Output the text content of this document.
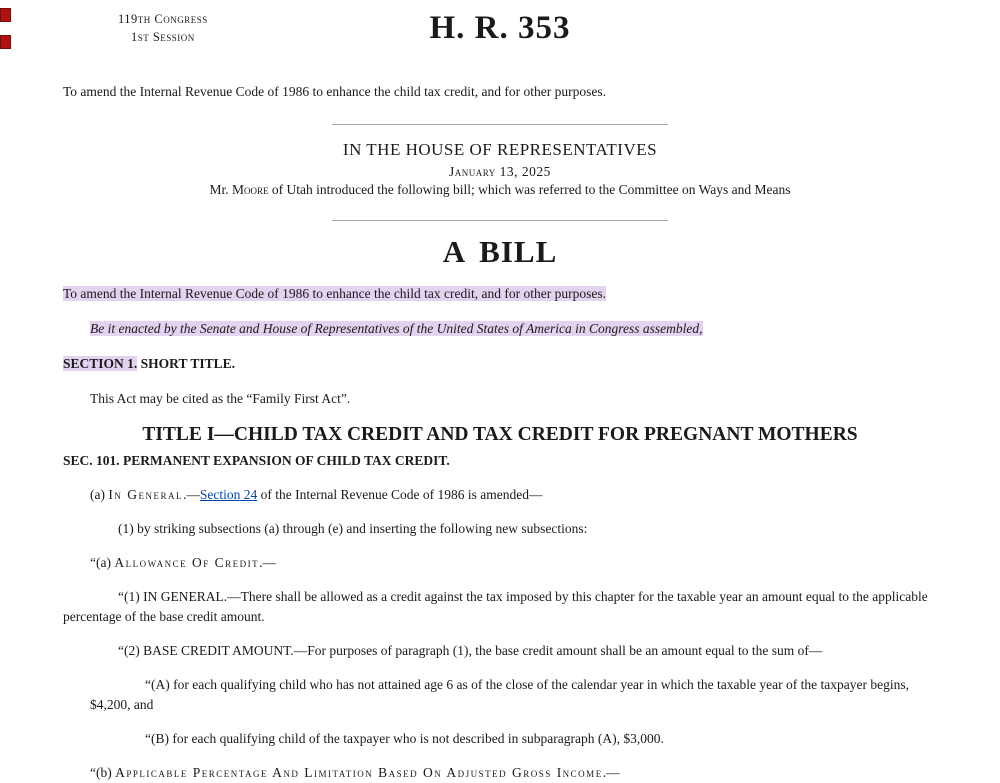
119th Congress
1st Session	H. R. 353

To amend the Internal Revenue Code of 1986 to enhance the child tax credit, and for other purposes.

IN THE HOUSE OF REPRESENTATIVES
January 13, 2025
Mr. Moore of Utah introduced the following bill; which was referred to the Committee on Ways and Means
A BILL

To amend the Internal Revenue Code of 1986 to enhance the child tax credit, and for other purposes.

Be it enacted by the Senate and House of Representatives of the United States of America in Congress assembled,

SECTION 1. SHORT TITLE.

This Act may be cited as the “Family First Act”.

TITLE I—CHILD TAX CREDIT AND TAX CREDIT FOR PREGNANT MOTHERS

SEC. 101. PERMANENT EXPANSION OF CHILD TAX CREDIT.

(a) In General.—Section 24 of the Internal Revenue Code of 1986 is amended—

(1) by striking subsections (a) through (e) and inserting the following new subsections:

“(a) Allowance Of Credit.—

“(1) IN GENERAL.—There shall be allowed as a credit against the tax imposed by this chapter for the taxable year an amount equal to the applicable percentage of the base credit amount.

“(2) BASE CREDIT AMOUNT.—For purposes of paragraph (1), the base credit amount shall be an amount equal to the sum of—

“(A) for each qualifying child who has not attained age 6 as of the close of the calendar year in which the taxable year of the taxpayer begins, $4,200, and

“(B) for each qualifying child of the taxpayer who is not described in subparagraph (A), $3,000.

“(b) Applicable Percentage And Limitation Based On Adjusted Gross Income.—
